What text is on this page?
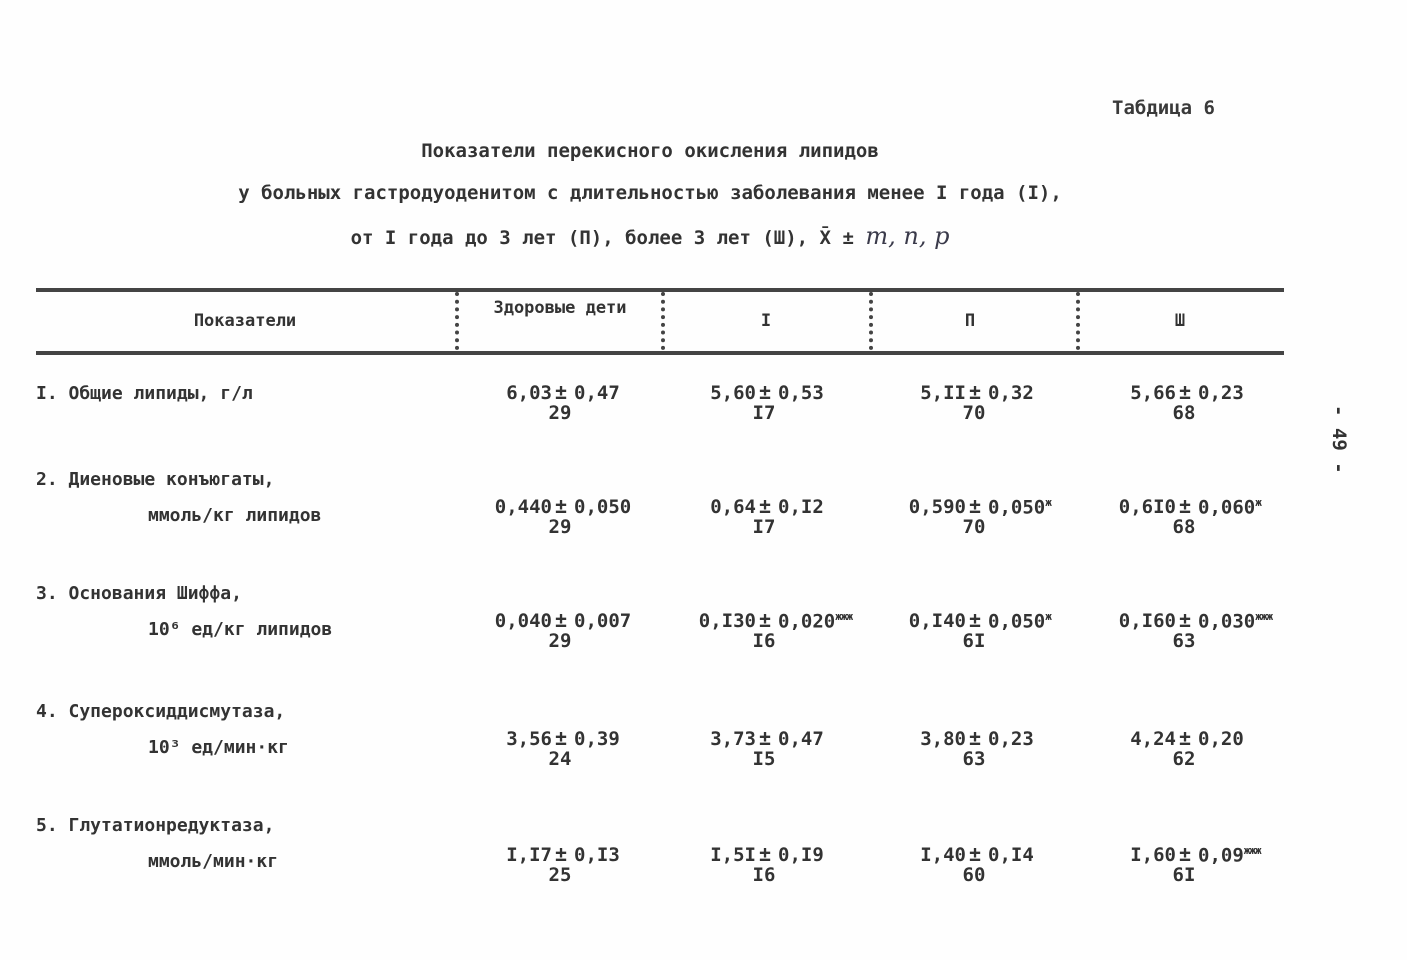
Табдица 6
Показатели перекисного окисления липидов
у больных гастродуоденитом с длительностью заболевания менее I года (I),
от I года до 3 лет (П), более 3 лет (Ш), X̄ ± m, n, p
Показатели
Здоровые дети
I	П	Ш
I. Общие липиды, г/л
2. Диеновые конъюгаты,
ммоль/кг липидов
3. Основания Шиффа,
10⁶ ед/кг липидов
4. Супероксиддисмутаза,
10³ ед/мин·кг
5. Глутатионредуктаза,
ммоль/мин·кг
6,03 ± 0,47
29
5,60 ± 0,53
I7
5,II ± 0,32
70
5,66 ± 0,23
68
0,440 ± 0,050
29
0,64 ± 0,I2
I7
$0,590 \pm 0,050^ж$
70
$0,6I0 \pm 0,060^ж$
68
0,040 ± 0,007
29
$0,I30 \pm 0,020^{жжж}$
I6
$0,I40 \pm 0,050^ж$
6I
$0,I60 \pm 0,030^{жжж}$
63
3,56 ± 0,39
24
3,73 ± 0,47
I5
3,80 ± 0,23
63
4,24 ± 0,20
62
I,I7 ± 0,I3
25
I,5I ± 0,I9
I6
I,40 ± 0,I4
60
$I,60 \pm 0,09^{жжж}$
6I
- 49 -
